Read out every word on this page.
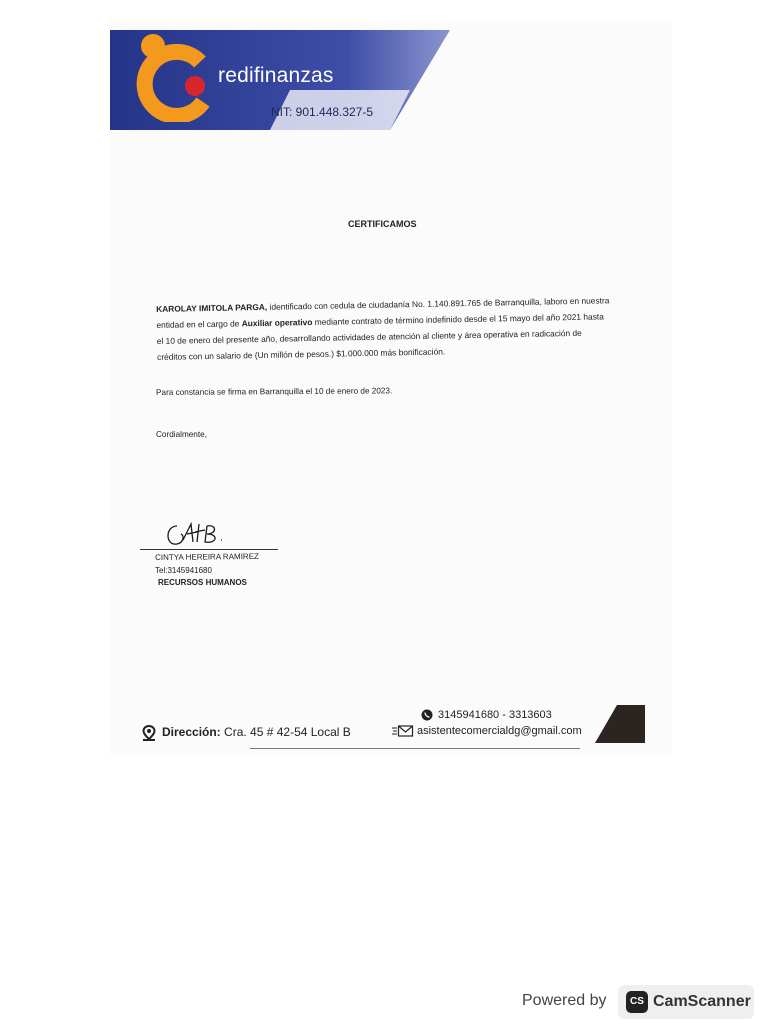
redifinanzas
NIT: 901.448.327-5
CERTIFICAMOS
KAROLAY IMITOLA PARGA, identificado con cedula de ciudadanía No. 1.140.891.765 de Barranquilla, laboro en nuestra entidad en el cargo de Auxiliar operativo mediante contrato de término indefinido desde el 15 mayo del año 2021 hasta el 10 de enero del presente año, desarrollando actividades de atención al cliente y área operativa en radicación de créditos con un salario de (Un millón de pesos.) $1.000.000 más bonificación.
Para constancia se firma en Barranquilla el 10 de enero de 2023.
Cordialmente,
CINTYA HEREIRA RAMIREZ
Tel:3145941680
RECURSOS HUMANOS
Dirección: Cra. 45 # 42-54 Local B
3145941680 - 3313603
asistentecomercialdg@gmail.com
Powered by	CS CamScanner
